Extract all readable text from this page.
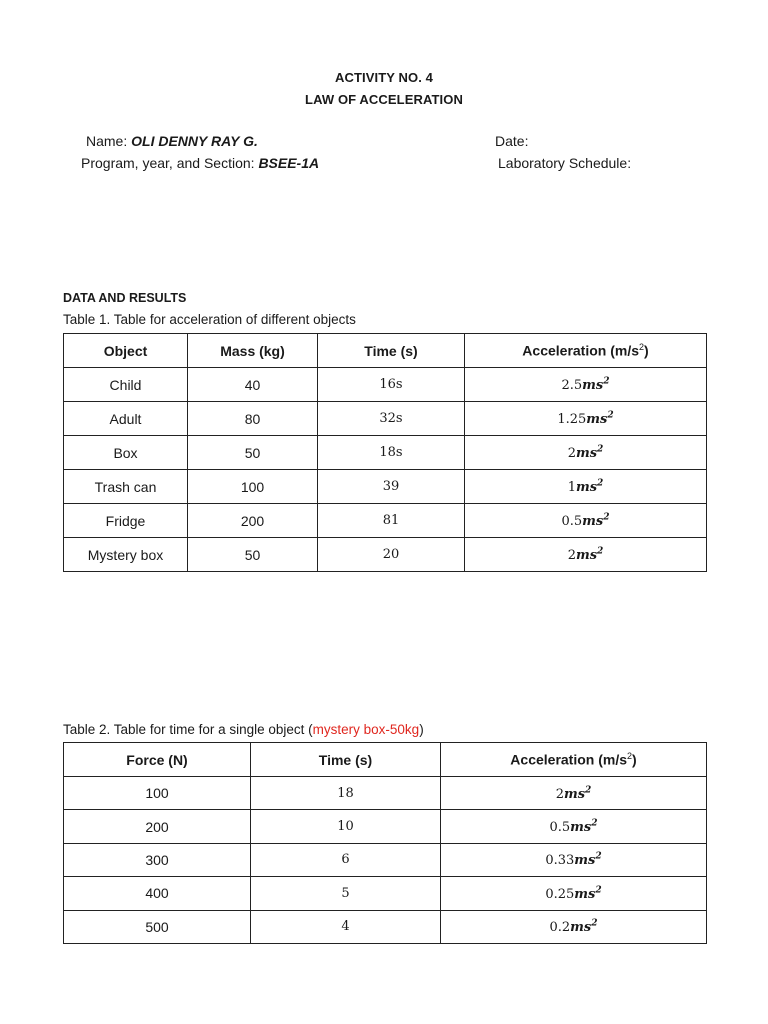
ACTIVITY NO. 4
LAW OF ACCELERATION
Name: OLI DENNY RAY G.	Date:
Program, year, and Section: BSEE-1A	Laboratory Schedule:
DATA AND RESULTS
Table 1. Table for acceleration of different objects
Object	Mass (kg)	Time (s)	Acceleration $(m/s^2)$
Child	40	16s	$2.5ms^2$
Adult	80	32s	$1.25ms^2$
Box	50	18s	$2ms^2$
Trash can	100	39	$1ms^2$
Fridge	200	81	$0.5ms^2$
Mystery box	50	20	$2ms^2$
Table 2. Table for time for a single object (mystery box-50kg)
Force (N)	Time (s)	Acceleration $(m/s^2)$
100	18	$2ms^2$
200	10	$0.5ms^2$
300	6	$0.33ms^2$
400	5	$0.25ms^2$
500	4	$0.2ms^2$
